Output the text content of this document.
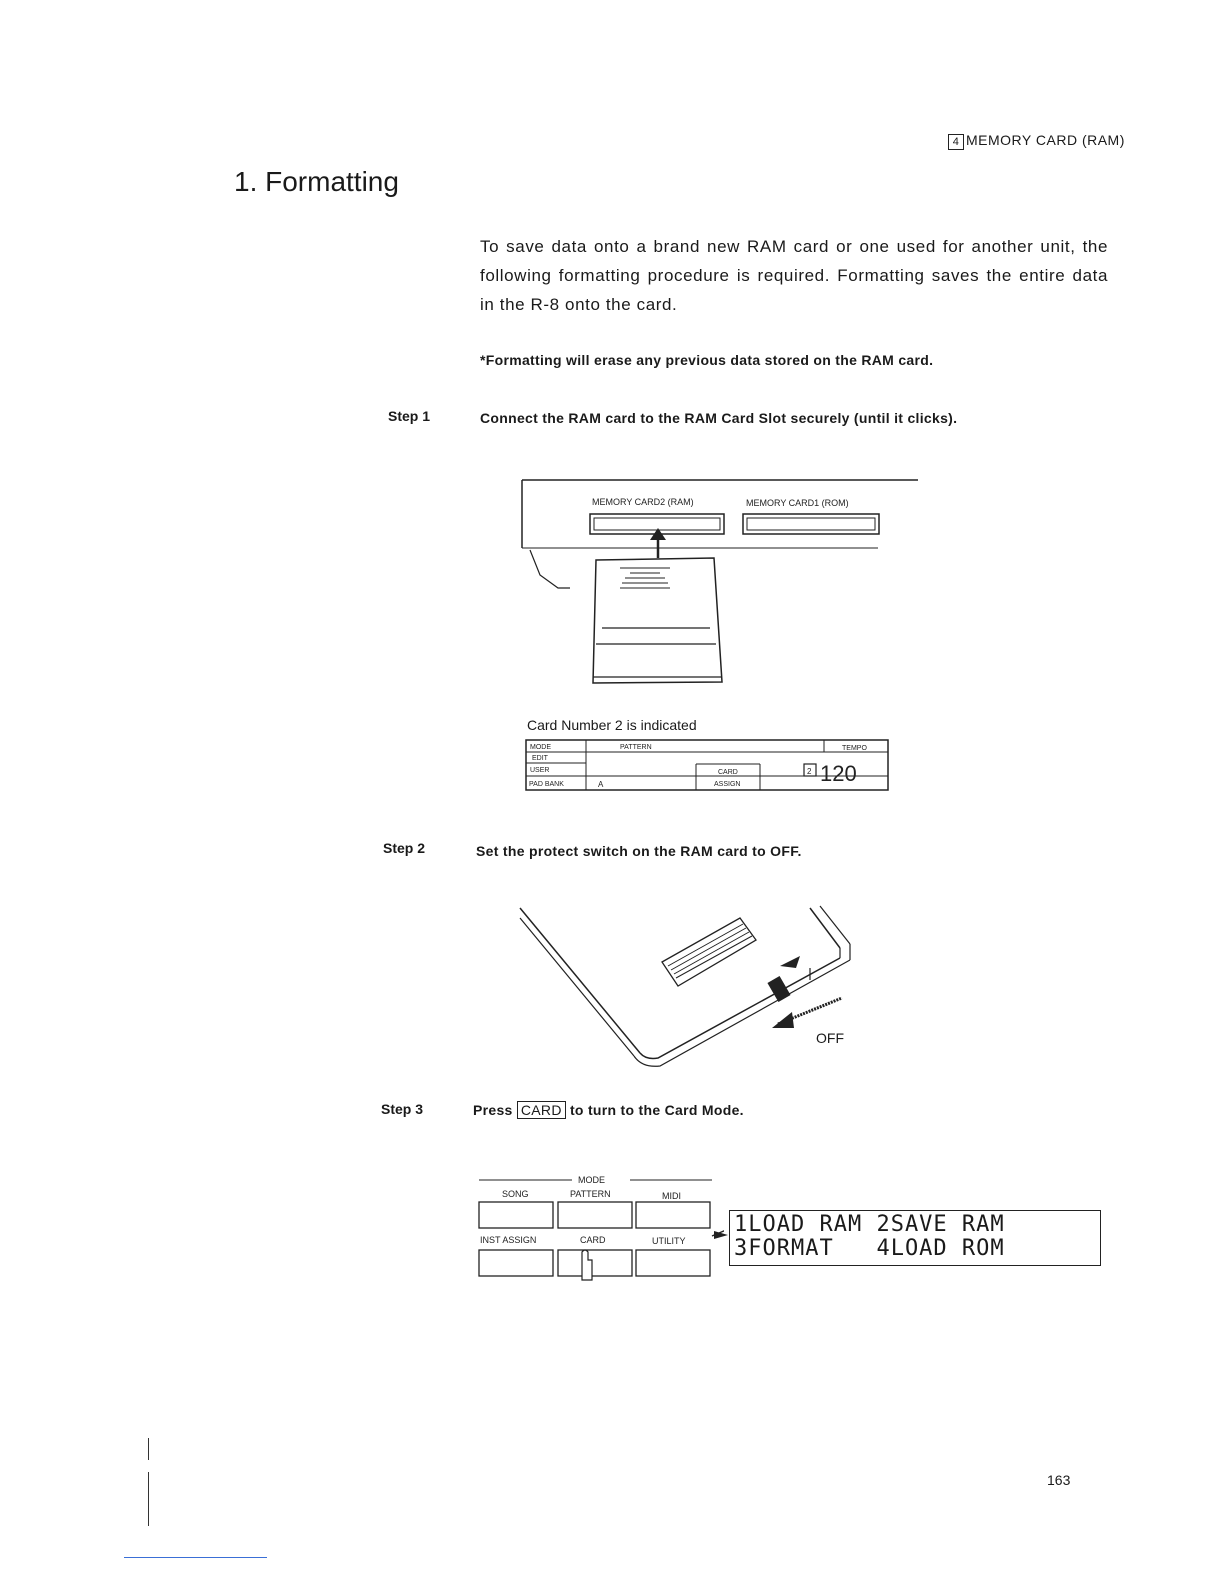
4 MEMORY CARD (RAM)
1. Formatting
To save data onto a brand new RAM card or one used for another unit, the following formatting procedure is required. Formatting saves the entire data in the R-8 onto the card.
*Formatting will erase any previous data stored on the RAM card.
Step 1	Connect the RAM card to the RAM Card Slot securely (until it clicks).
MEMORY CARD2 (RAM)	MEMORY CARD1 (ROM)
Card Number 2 is indicated
MODE
EDIT
USER
PAD BANK
PATTERN	TEMPO
CARD
ASSIGN
A
2 120
Step 2	Set the protect switch on the RAM card to OFF.
OFF
Step 3	Press CARD to turn to the Card Mode.
MODE
SONG	PATTERN	MIDI
INST ASSIGN	CARD	UTILITY
1LOAD RAM 2SAVE RAM
3FORMAT   4LOAD ROM
163
